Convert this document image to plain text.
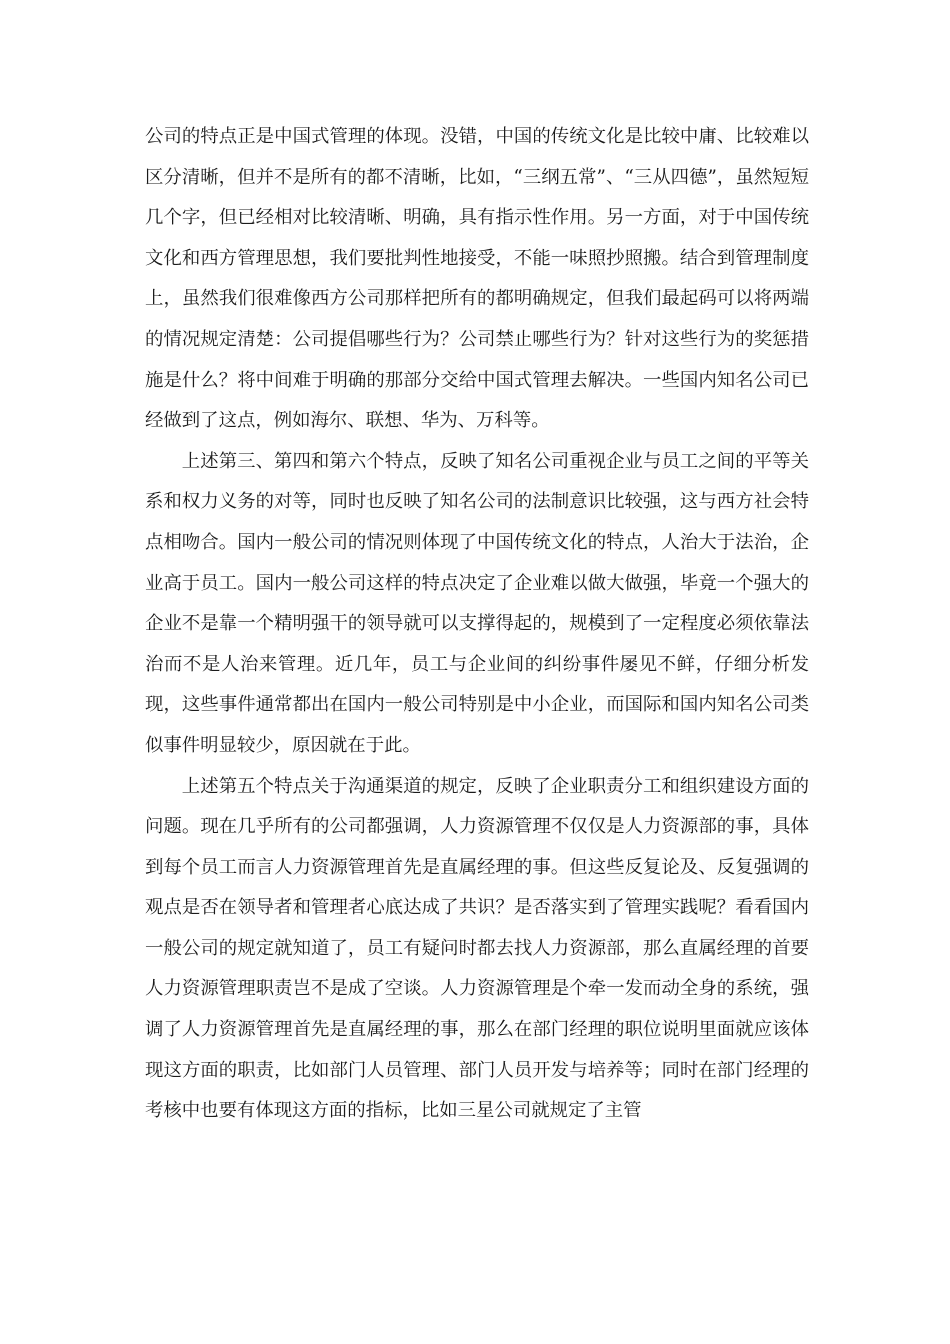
公司的特点正是中国式管理的体现。没错，中国的传统文化是比较中庸、比较难以区分清晰，但并不是所有的都不清晰，比如，“三纲五常”、“三从四德”，虽然短短几个字，但已经相对比较清晰、明确，具有指示性作用。另一方面，对于中国传统文化和西方管理思想，我们要批判性地接受，不能一味照抄照搬。结合到管理制度上，虽然我们很难像西方公司那样把所有的都明确规定，但我们最起码可以将两端的情况规定清楚：公司提倡哪些行为？公司禁止哪些行为？针对这些行为的奖惩措施是什么？将中间难于明确的那部分交给中国式管理去解决。一些国内知名公司已经做到了这点，例如海尔、联想、华为、万科等。

上述第三、第四和第六个特点，反映了知名公司重视企业与员工之间的平等关系和权力义务的对等，同时也反映了知名公司的法制意识比较强，这与西方社会特点相吻合。国内一般公司的情况则体现了中国传统文化的特点，人治大于法治，企业高于员工。国内一般公司这样的特点决定了企业难以做大做强，毕竟一个强大的企业不是靠一个精明强干的领导就可以支撑得起的，规模到了一定程度必须依靠法治而不是人治来管理。近几年，员工与企业间的纠纷事件屡见不鲜，仔细分析发现，这些事件通常都出在国内一般公司特别是中小企业，而国际和国内知名公司类似事件明显较少，原因就在于此。

上述第五个特点关于沟通渠道的规定，反映了企业职责分工和组织建设方面的问题。现在几乎所有的公司都强调，人力资源管理不仅仅是人力资源部的事，具体到每个员工而言人力资源管理首先是直属经理的事。但这些反复论及、反复强调的观点是否在领导者和管理者心底达成了共识？是否落实到了管理实践呢？看看国内一般公司的规定就知道了，员工有疑问时都去找人力资源部，那么直属经理的首要人力资源管理职责岂不是成了空谈。人力资源管理是个牵一发而动全身的系统，强调了人力资源管理首先是直属经理的事，那么在部门经理的职位说明里面就应该体现这方面的职责，比如部门人员管理、部门人员开发与培养等；同时在部门经理的考核中也要有体现这方面的指标，比如三星公司就规定了主管
